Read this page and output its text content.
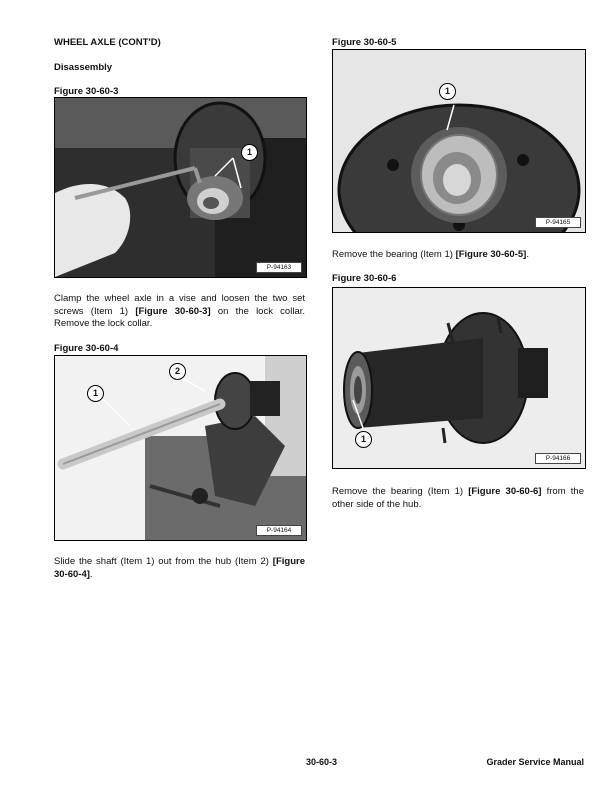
WHEEL AXLE (CONT'D)
Disassembly
Figure 30-60-3
1
P-94163
Clamp the wheel axle in a vise and loosen the two set screws (Item 1) [Figure 30-60-3] on the lock collar. Remove the lock collar.
Figure 30-60-4
1
2
P-94164
Slide the shaft (Item 1) out from the hub (Item 2) [Figure 30-60-4].
Figure 30-60-5
1
P-94165
Remove the bearing (Item 1) [Figure 30-60-5].
Figure 30-60-6
1
P-94166
Remove the bearing (Item 1) [Figure 30-60-6] from the other side of the hub.
30-60-3	Grader Service Manual
